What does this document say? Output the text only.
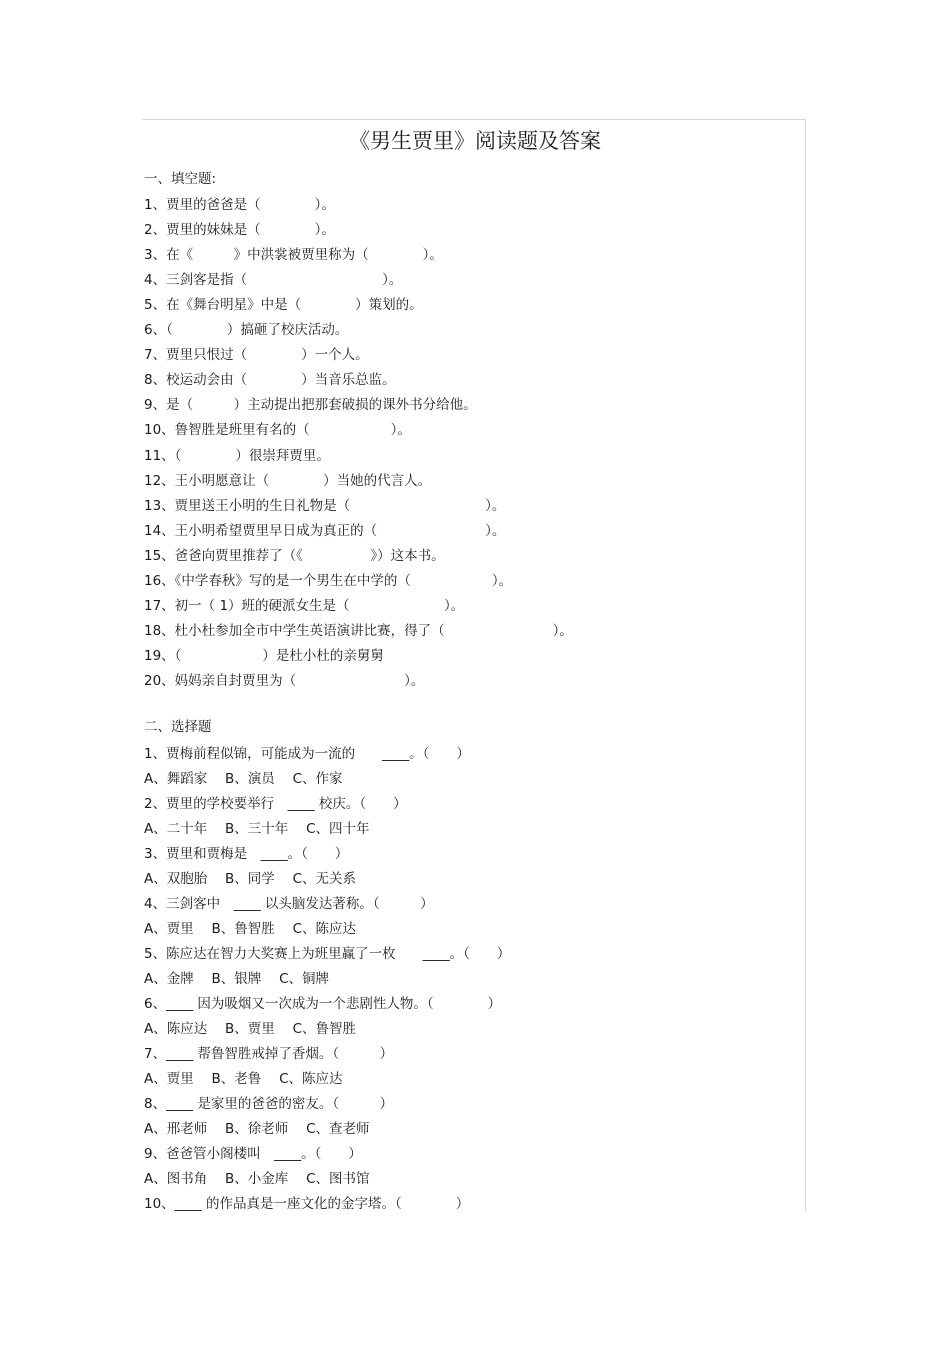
《男生贾里》阅读题及答案
一、填空题:
1、贾里的爸爸是（　　　　）。
2、贾里的妹妹是（　　　　）。
3、在《　　　》中洪裳被贾里称为（　　　　）。
4、三剑客是指（　　　　　　　　　　）。
5、在《舞台明星》中是（　　　　）策划的。
6、（　　　　）搞砸了校庆活动。
7、贾里只恨过（　　　　）一个人。
8、校运动会由（　　　　）当音乐总监。
9、是（　　　）主动提出把那套破损的课外书分给他。
10、鲁智胜是班里有名的（　　　　　　）。
11、（　　　　）很崇拜贾里。
12、王小明愿意让（　　　　）当她的代言人。
13、贾里送王小明的生日礼物是（　　　　　　　　　　）。
14、王小明希望贾里早日成为真正的（　　　　　　　　）。
15、爸爸向贾里推荐了（《　　　　　》）这本书。
16、《中学春秋》写的是一个男生在中学的（　　　　　　）。
17、初一（ 1）班的硬派女生是（　　　　　　　）。
18、杜小杜参加全市中学生英语演讲比赛，得了（　　　　　　　　）。
19、（　　　　　　）是杜小杜的亲舅舅
20、妈妈亲自封贾里为（　　　　　　　　）。
二、选择题
1、贾梅前程似锦，可能成为一流的　　____。（　　）
A、舞蹈家　 B、演员　 C、作家
2、贾里的学校要举行　____ 校庆。（　　）
A、二十年　 B、三十年　 C、四十年
3、贾里和贾梅是　____。（　　）
A、双胞胎　 B、同学　 C、无关系
4、三剑客中　____ 以头脑发达著称。（　　　）
A、贾里　 B、鲁智胜　 C、陈应达
5、陈应达在智力大奖赛上为班里赢了一枚　　____。（　　）
A、金牌　 B、银牌　 C、铜牌
6、____ 因为吸烟又一次成为一个悲剧性人物。（　　　　）
A、陈应达　 B、贾里　 C、鲁智胜
7、____ 帮鲁智胜戒掉了香烟。（　　　）
A、贾里　 B、老鲁　 C、陈应达
8、____ 是家里的爸爸的密友。（　　　）
A、邢老师　 B、徐老师　 C、查老师
9、爸爸管小阁楼叫　____。（　　）
A、图书角　 B、小金库　 C、图书馆
10、____ 的作品真是一座文化的金字塔。（　　　　）
